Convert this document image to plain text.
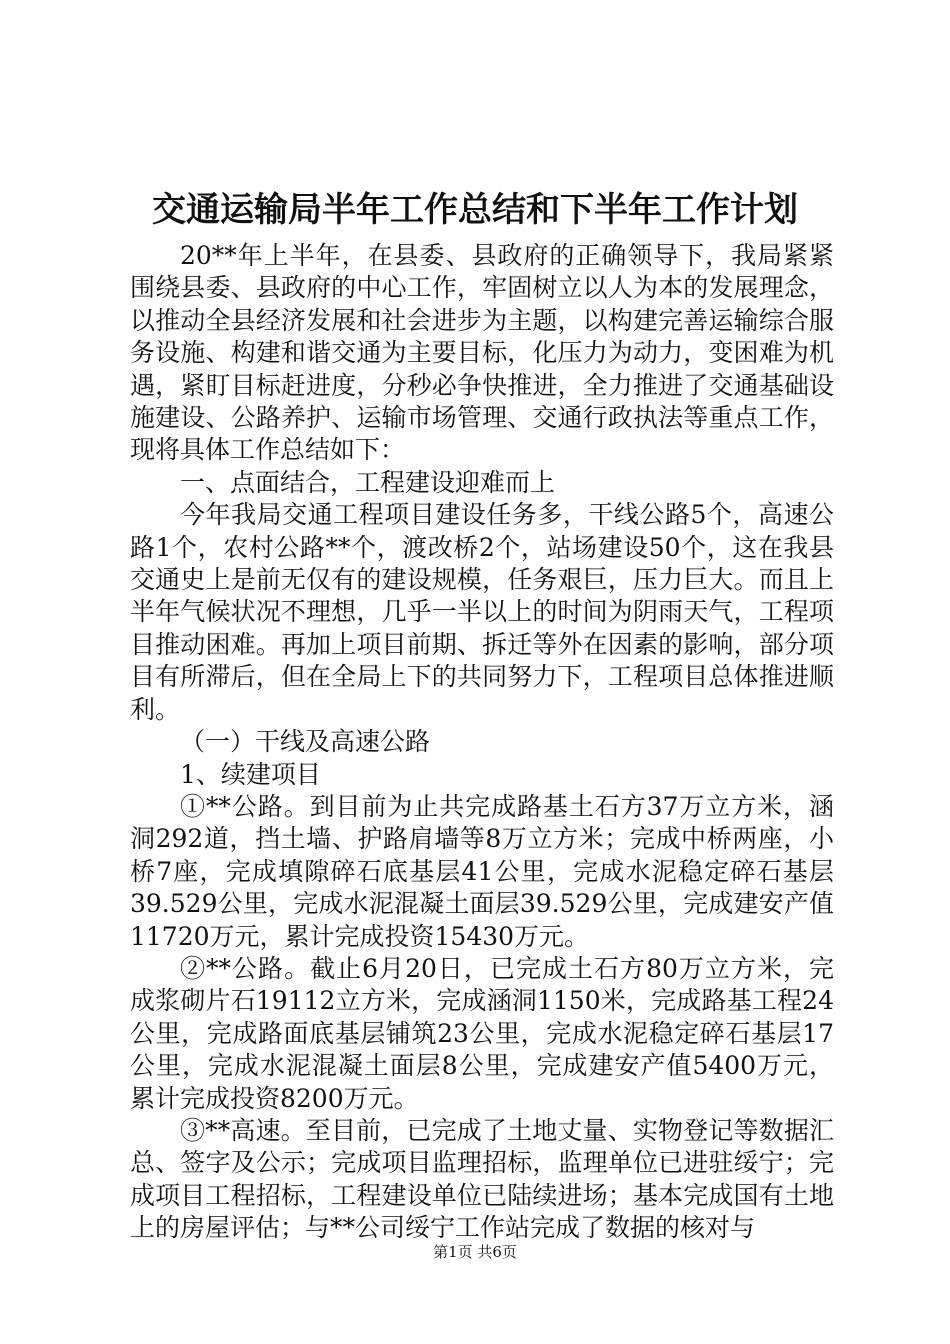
交通运输局半年工作总结和下半年工作计划

20**年上半年，在县委、县政府的正确领导下，我局紧紧围绕县委、县政府的中心工作，牢固树立以人为本的发展理念，以推动全县经济发展和社会进步为主题，以构建完善运输综合服务设施、构建和谐交通为主要目标，化压力为动力，变困难为机遇，紧盯目标赶进度，分秒必争快推进，全力推进了交通基础设施建设、公路养护、运输市场管理、交通行政执法等重点工作，现将具体工作总结如下：

一、点面结合，工程建设迎难而上

今年我局交通工程项目建设任务多，干线公路5个，高速公路1个，农村公路**个，渡改桥2个，站场建设50个，这在我县交通史上是前无仅有的建设规模，任务艰巨，压力巨大。而且上半年气候状况不理想，几乎一半以上的时间为阴雨天气，工程项目推动困难。再加上项目前期、拆迁等外在因素的影响，部分项目有所滞后，但在全局上下的共同努力下，工程项目总体推进顺利。

（一）干线及高速公路

1、续建项目

①**公路。到目前为止共完成路基土石方37万立方米，涵洞292道，挡土墙、护路肩墙等8万立方米；完成中桥两座，小桥7座，完成填隙碎石底基层41公里，完成水泥稳定碎石基层39.529公里，完成水泥混凝土面层39.529公里，完成建安产值11720万元，累计完成投资15430万元。

②**公路。截止6月20日，已完成土石方80万立方米，完成浆砌片石19112立方米，完成涵洞1150米，完成路基工程24公里，完成路面底基层铺筑23公里，完成水泥稳定碎石基层17公里，完成水泥混凝土面层8公里，完成建安产值5400万元，累计完成投资8200万元。

③**高速。至目前，已完成了土地丈量、实物登记等数据汇总、签字及公示；完成项目监理招标，监理单位已进驻绥宁；完成项目工程招标，工程建设单位已陆续进场；基本完成国有土地上的房屋评估；与**公司绥宁工作站完成了数据的核对与

第1页 共6页
